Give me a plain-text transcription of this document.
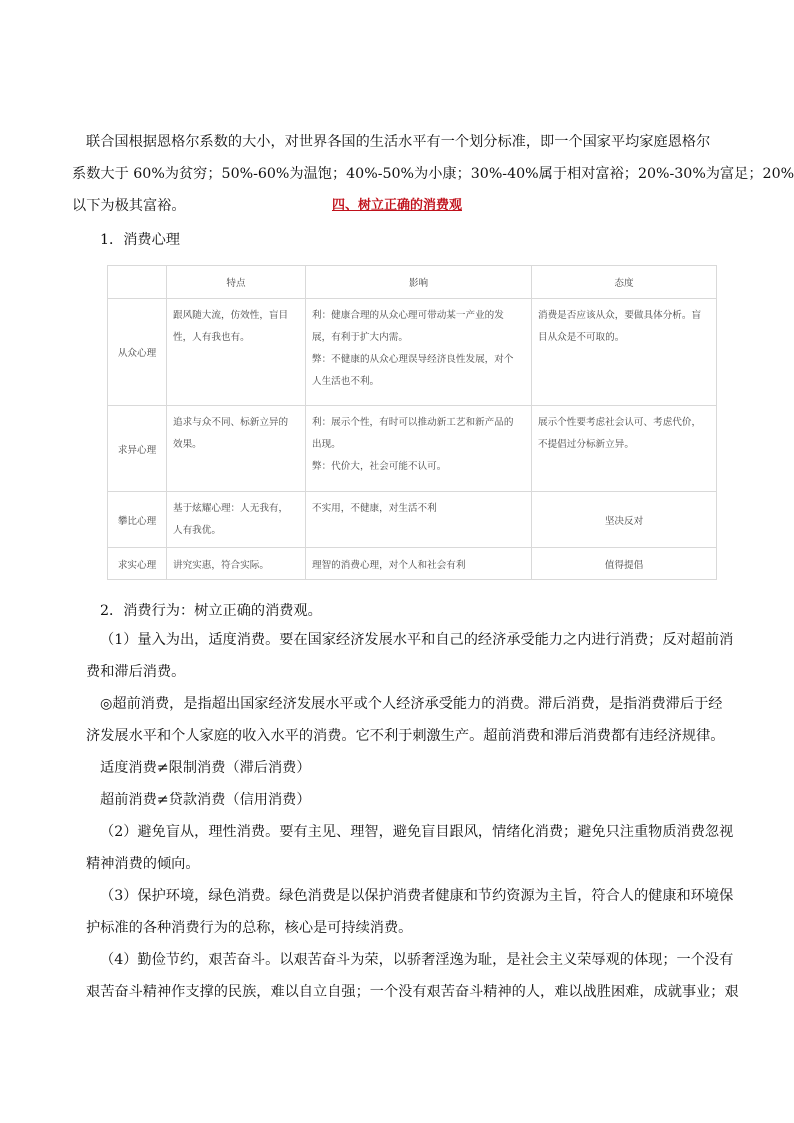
联合国根据恩格尔系数的大小，对世界各国的生活水平有一个划分标准，即一个国家平均家庭恩格尔
系数大于 60%为贫穷；50%-60%为温饱；40%-50%为小康；30%-40%属于相对富裕；20%-30%为富足；20%
以下为极其富裕。	四、树立正确的消费观
1．消费心理
	特点	影响	态度
从众心理	跟风随大流，仿效性，盲目
性，人有我也有。	利：健康合理的从众心理可带动某一产业的发
展，有利于扩大内需。
弊：不健康的从众心理误导经济良性发展，对个
人生活也不利。	消费是否应该从众，要做具体分析。盲
目从众是不可取的。

求异心理	追求与众不同、标新立异的
效果。	利：展示个性，有时可以推动新工艺和新产品的
出现。
弊：代价大，社会可能不认可。	展示个性要考虑社会认可、考虑代价，
不提倡过分标新立异。

攀比心理	基于炫耀心理：人无我有，
人有我优。	不实用，不健康，对生活不利	坚决反对
求实心理	讲究实惠，符合实际。	理智的消费心理，对个人和社会有利	值得提倡
2．消费行为：树立正确的消费观。

（1）量入为出，适度消费。要在国家经济发展水平和自己的经济承受能力之内进行消费；反对超前消
费和滞后消费。

◎超前消费，是指超出国家经济发展水平或个人经济承受能力的消费。滞后消费，是指消费滞后于经
济发展水平和个人家庭的收入水平的消费。它不利于刺激生产。超前消费和滞后消费都有违经济规律。

适度消费≠限制消费（滞后消费）

超前消费≠贷款消费（信用消费）

（2）避免盲从，理性消费。要有主见、理智，避免盲目跟风，情绪化消费；避免只注重物质消费忽视
精神消费的倾向。

（3）保护环境，绿色消费。绿色消费是以保护消费者健康和节约资源为主旨，符合人的健康和环境保
护标准的各种消费行为的总称，核心是可持续消费。

（4）勤俭节约，艰苦奋斗。以艰苦奋斗为荣，以骄奢淫逸为耻，是社会主义荣辱观的体现；一个没有
艰苦奋斗精神作支撑的民族，难以自立自强；一个没有艰苦奋斗精神的人，难以战胜困难，成就事业；艰
